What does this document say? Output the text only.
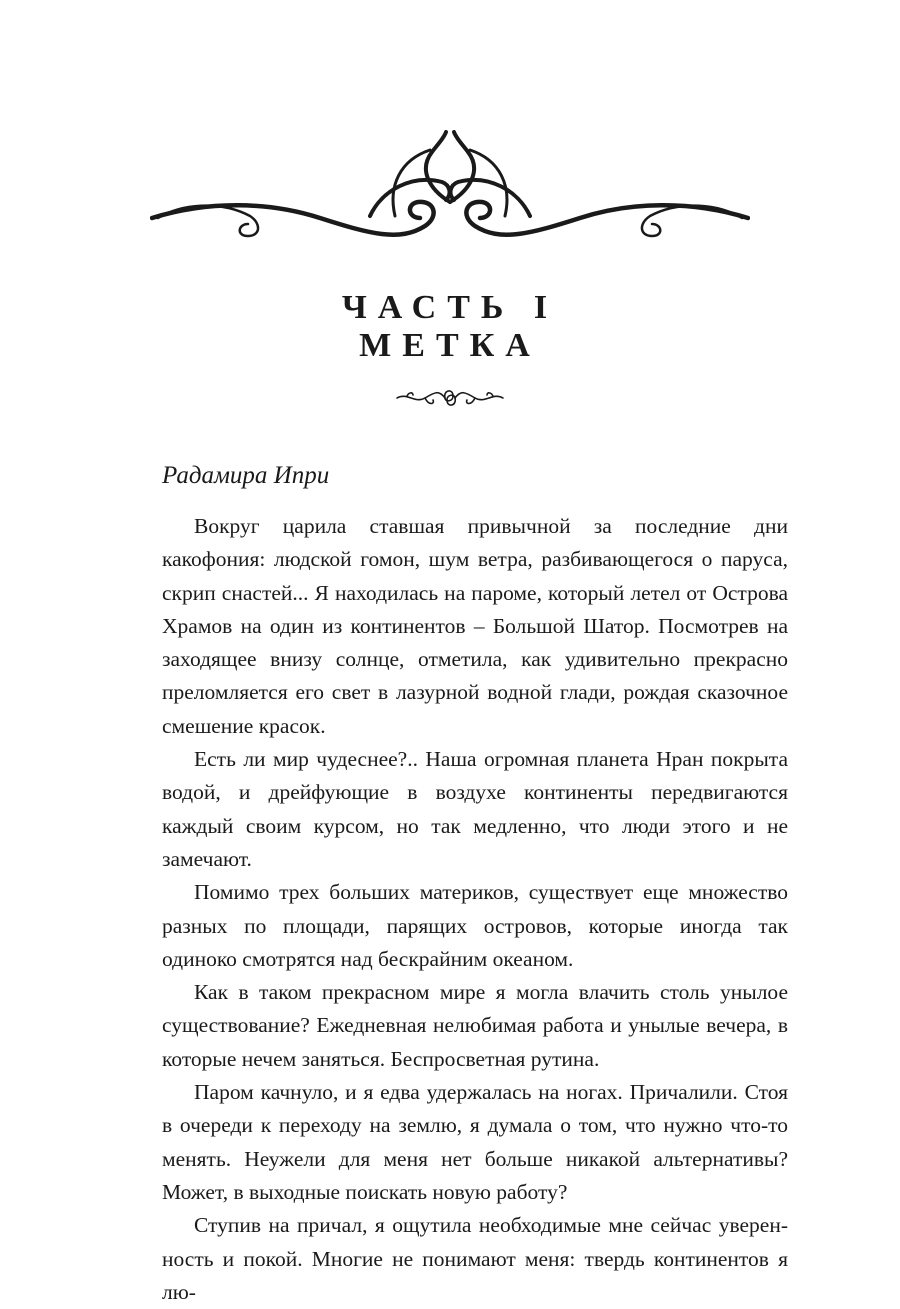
ЧАСТЬ I
МЕТКА
Радамира Ипри

Вокруг царила ставшая привычной за последние дни какофония: людской гомон, шум ветра, разбивающегося о паруса, скрип снастей... Я находилась на пароме, который летел от Острова Храмов на один из континентов – Большой Шатор. Посмотрев на заходящее внизу солнце, отметила, как удивительно прекрасно преломляется его свет в лазурной водной глади, рождая сказочное смешение красок.

Есть ли мир чудеснее?.. Наша огромная планета Нран покрыта водой, и дрейфующие в воздухе континенты передвигаются каждый своим курсом, но так медленно, что люди этого и не замечают.

Помимо трех больших материков, существует еще множество разных по площади, парящих островов, которые иногда так одиноко смотрятся над бескрайним океаном.

Как в таком прекрасном мире я могла влачить столь унылое существование? Ежедневная нелюбимая работа и унылые вечера, в которые нечем заняться. Беспросветная рутина.

Паром качнуло, и я едва удержалась на ногах. Причалили. Стоя в очереди к переходу на землю, я думала о том, что нужно что-то менять. Неужели для меня нет больше никакой альтернативы? Может, в выходные поискать новую работу?

Ступив на причал, я ощутила необходимые мне сейчас уверенность и покой. Многие не понимают меня: твердь континентов я лю-
